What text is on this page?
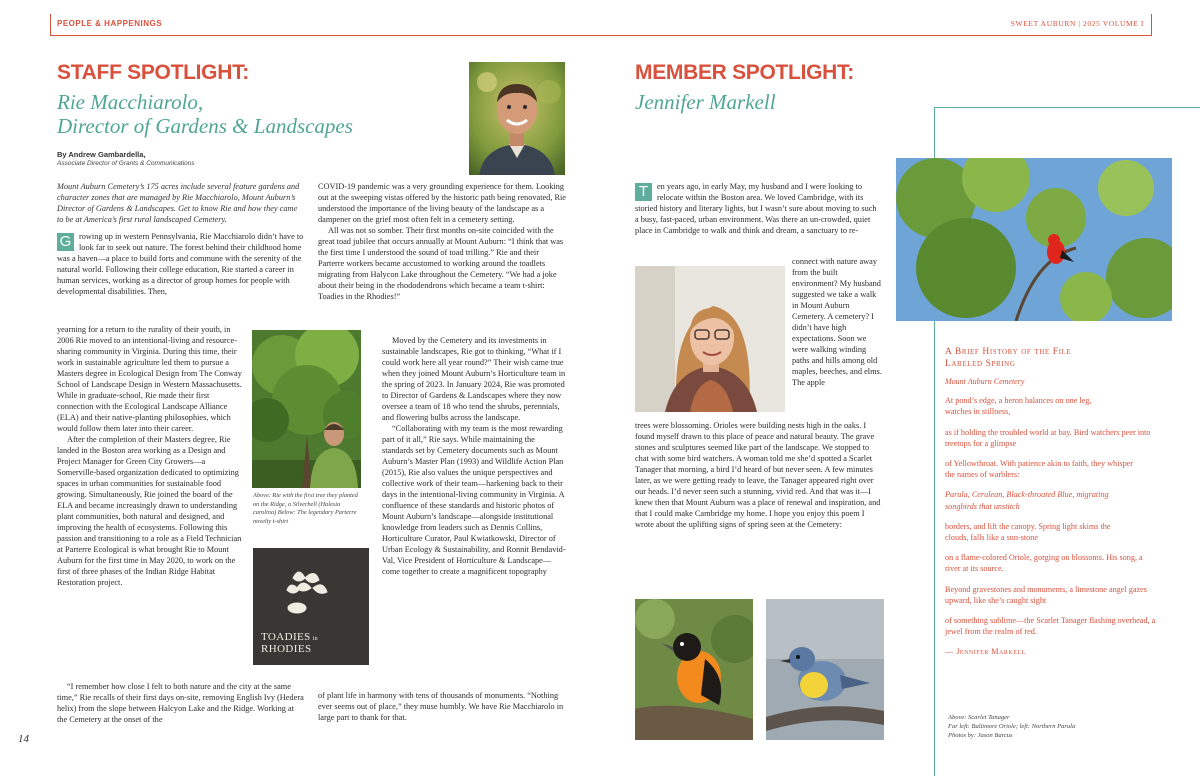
PEOPLE & HAPPENINGS	SWEET AUBURN | 2025 VOLUME I
STAFF SPOTLIGHT:
Rie Macchiarolo,
Director of Gardens & Landscapes
By Andrew Gambardella,
Associate Director of Grants & Communications

Mount Auburn Cemetery’s 175 acres include several feature gardens and character zones that are managed by Rie Macchiarolo, Mount Auburn’s Director of Gardens & Landscapes. Get to know Rie and how they came to be at America’s first rural landscaped Cemetery.

G rowing up in western Pennsylvania, Rie Macchiarolo didn’t have to look far to seek out nature. The forest behind their childhood home was a haven—a place to build forts and commune with the serenity of the natural world. Following their college education, Rie started a career in human services, working as a director of group homes for people with developmental disabilities. Then,

yearning for a return to the rurality of their youth, in 2006 Rie moved to an intentional-living and resource-sharing community in Virginia. During this time, their work in sustainable agriculture led them to pursue a Masters degree in Ecological Design from The Conway School of Landscape Design in Western Massachusetts. While in graduate-school, Rie made their first connection with the Ecological Landscape Alliance (ELA) and their native-planting philosophies, which would follow them later into their career.

After the completion of their Masters degree, Rie landed in the Boston area working as a Design and Project Manager for Green City Growers—a Somerville-based organization dedicated to optimizing spaces in urban communities for sustainable food growing. Simultaneously, Rie joined the board of the ELA and became increasingly drawn to understanding plant communities, both natural and designed, and improving the health of ecosystems. Following this passion and transitioning to a role as a Field Technician at Parterre Ecological is what brought Rie to Mount Auburn for the first time in May 2020, to work on the first of three phases of the Indian Ridge Habitat Restoration project.

“I remember how close I felt to both nature and the city at the same time,” Rie recalls of their first days on-site, removing English Ivy (Hedera helix) from the slope between Halcyon Lake and the Ridge. Working at the Cemetery at the onset of the

Above: Rie with the first tree they planted on the Ridge, a Silverbell (Halesia carolina) Below: The legendary Parterre novelty t-shirt
TOADIES in RHODIES

COVID-19 pandemic was a very grounding experience for them. Looking out at the sweeping vistas offered by the historic path being renovated, Rie understood the importance of the living beauty of the landscape as a dampener on the grief most often felt in a cemetery setting.

All was not so somber. Their first months on-site coincided with the great toad jubilee that occurs annually at Mount Auburn: “I think that was the first time I understood the sound of toad trilling.” Rie and their Parterre workers became accustomed to working around the toadlets migrating from Halycon Lake throughout the Cemetery. “We had a joke about their being in the rhododendrons which became a team t-shirt: Toadies in the Rhodies!”

Moved by the Cemetery and its investments in sustainable landscapes, Rie got to thinking, “What if I could work here all year round?” Their wish came true when they joined Mount Auburn’s Horticulture team in the spring of 2023. In January 2024, Rie was promoted to Director of Gardens & Landscapes where they now oversee a team of 18 who tend the shrubs, perennials, and flowering bulbs across the landscape.

“Collaborating with my team is the most rewarding part of it all,” Rie says. While maintaining the standards set by Cemetery documents such as Mount Auburn’s Master Plan (1993) and Wildlife Action Plan (2015), Rie also values the unique perspectives and collective work of their team—harkening back to their days in the intentional-living community in Virginia. A confluence of these standards and historic photos of Mount Auburn’s landscape—alongside institutional knowledge from leaders such as Dennis Collins, Horticulture Curator, Paul Kwiatkowski, Director of Urban Ecology & Sustainability, and Ronnit Bendavid-Val, Vice President of Horticulture & Landscape—come together to create a magnificent topography

of plant life in harmony with tens of thousands of monuments. “Nothing ever seems out of place,” they muse humbly. We have Rie Macchiarolo in large part to thank for that.

14
MEMBER SPOTLIGHT:
Jennifer Markell

T	en years ago, in early May, my husband and I were looking to relocate within the Boston area. We loved Cambridge, with its storied history and literary lights, but I wasn’t sure about moving to such a busy, fast-paced, urban environment. Was there an un-crowded, quiet place in Cambridge to walk and think and dream, a sanctuary to re-

connect with nature away from the built environment? My husband suggested we take a walk in Mount Auburn Cemetery. A cemetery? I didn’t have high expectations. Soon we were walking winding paths and hills among old maples, beeches, and elms. The apple

trees were blossoming. Orioles were building nests high in the oaks. I found myself drawn to this place of peace and natural beauty. The grave stones and sculptures seemed like part of the landscape. We stopped to chat with some bird watchers. A woman told me she’d spotted a Scarlet Tanager that morning, a bird I’d heard of but never seen. A few minutes later, as we were getting ready to leave, the Tanager appeared right over our heads. I’d never seen such a stunning, vivid red. And that was it—I knew then that Mount Auburn was a place of renewal and inspiration, and that I could make Cambridge my home. I hope you enjoy this poem I wrote about the uplifting signs of spring seen at the Cemetery:

A Brief History of the File
Labeled Spring
Mount Auburn Cemetery
At pond’s edge, a heron balances on one leg, watches in stillness,
as if holding the troubled world at bay. Bird watchers peer into treetops for a glimpse
of Yellowthroat. With patience akin to faith, they whisper the names of warblers:
Parula, Cerulean, Black-throated Blue, migrating songbirds that unstitch
borders, and lift the canopy. Spring light skims the clouds, falls like a sun-stone
on a flame-colored Oriole, gorging on blossoms. His song, a river at its source.
Beyond gravestones and monuments, a limestone angel gazes upward, like she’s caught sight
of something sublime—the Scarlet Tanager flashing overhead, a jewel from the realm of red.
— Jennifer Markell
Above: Scarlet Tanager
Far left: Baltimore Oriole; left: Northern Parula
Photos by: Jason Barcus
